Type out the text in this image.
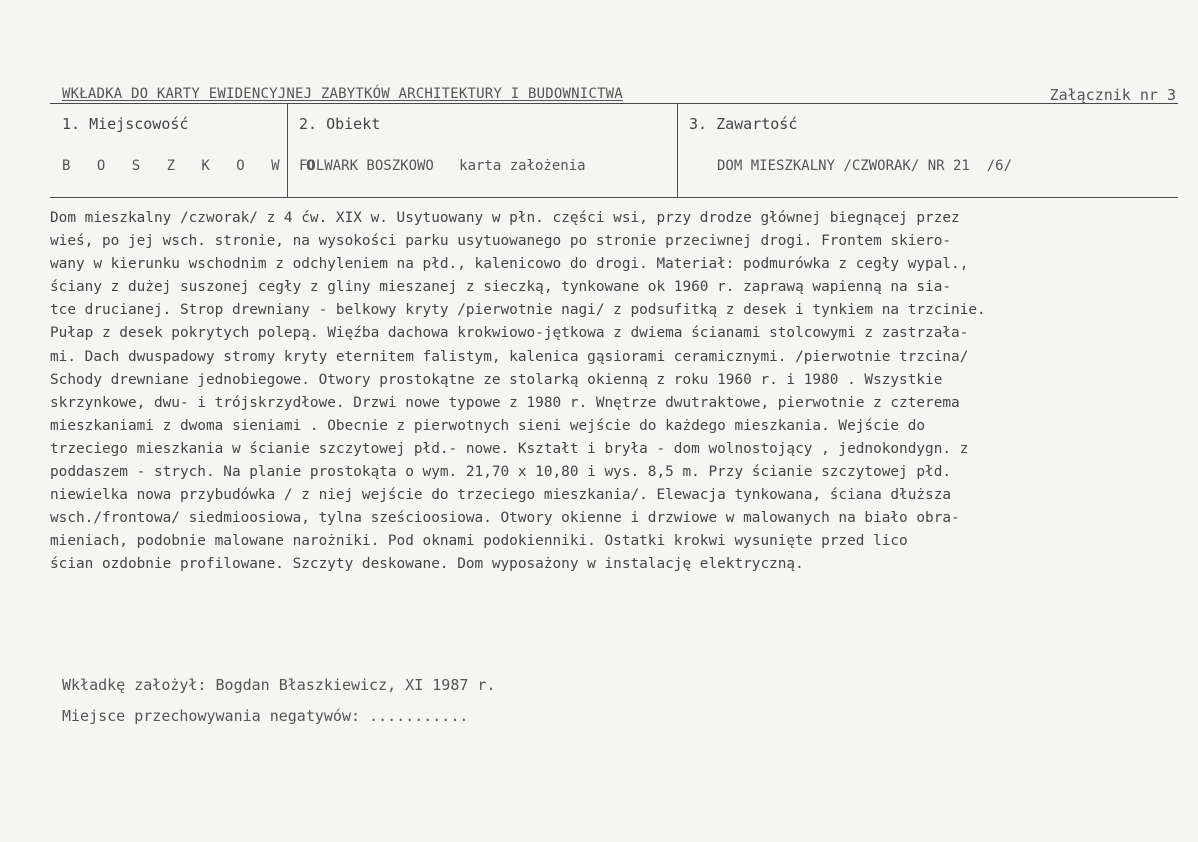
WKŁADKA DO KARTY EWIDENCYJNEJ ZABYTKÓW ARCHITEKTURY I BUDOWNICTWA	Załącznik nr 3
1. Miejscowość
B O S Z K O W O
2. Obiekt
FOLWARK BOSZKOWO   karta założenia
3. Zawartość
DOM MIESZKALNY /CZWORAK/ NR 21  /6/

Dom mieszkalny /czworak/ z 4 ćw. XIX w. Usytuowany w płn. części wsi, przy drodze głównej biegnącej przez

wieś, po jej wsch. stronie, na wysokości parku usytuowanego po stronie przeciwnej drogi. Frontem skiero-

wany w kierunku wschodnim z odchyleniem na płd., kalenicowo do drogi. Materiał: podmurówka z cegły wypal.,

ściany z dużej suszonej cegły z gliny mieszanej z sieczką, tynkowane ok 1960 r. zaprawą wapienną na sia-

tce drucianej. Strop drewniany - belkowy kryty /pierwotnie nagi/ z podsufitką z desek i tynkiem na trzcinie.

Pułap z desek pokrytych polepą. Więźba dachowa krokwiowo-jętkowa z dwiema ścianami stolcowymi z zastrzała-

mi. Dach dwuspadowy stromy kryty eternitem falistym, kalenica gąsiorami ceramicznymi. /pierwotnie trzcina/

Schody drewniane jednobiegowe. Otwory prostokątne ze stolarką okienną z roku 1960 r. i 1980 . Wszystkie

skrzynkowe, dwu- i trójskrzydłowe. Drzwi nowe typowe z 1980 r. Wnętrze dwutraktowe, pierwotnie z czterema

mieszkaniami z dwoma sieniami . Obecnie z pierwotnych sieni wejście do każdego mieszkania. Wejście do

trzeciego mieszkania w ścianie szczytowej płd.- nowe. Kształt i bryła - dom wolnostojący , jednokondygn. z

poddaszem - strych. Na planie prostokąta o wym. 21,70 x 10,80 i wys. 8,5 m. Przy ścianie szczytowej płd.

niewielka nowa przybudówka / z niej wejście do trzeciego mieszkania/. Elewacja tynkowana, ściana dłuższa

wsch./frontowa/ siedmioosiowa, tylna sześcioosiowa. Otwory okienne i drzwiowe w malowanych na biało obra-

mieniach, podobnie malowane narożniki. Pod oknami podokienniki. Ostatki krokwi wysunięte przed lico

ścian ozdobnie profilowane. Szczyty deskowane. Dom wyposażony w instalację elektryczną.

Wkładkę założył: Bogdan Błaszkiewicz, XI 1987 r.
Miejsce przechowywania negatywów: ...........
